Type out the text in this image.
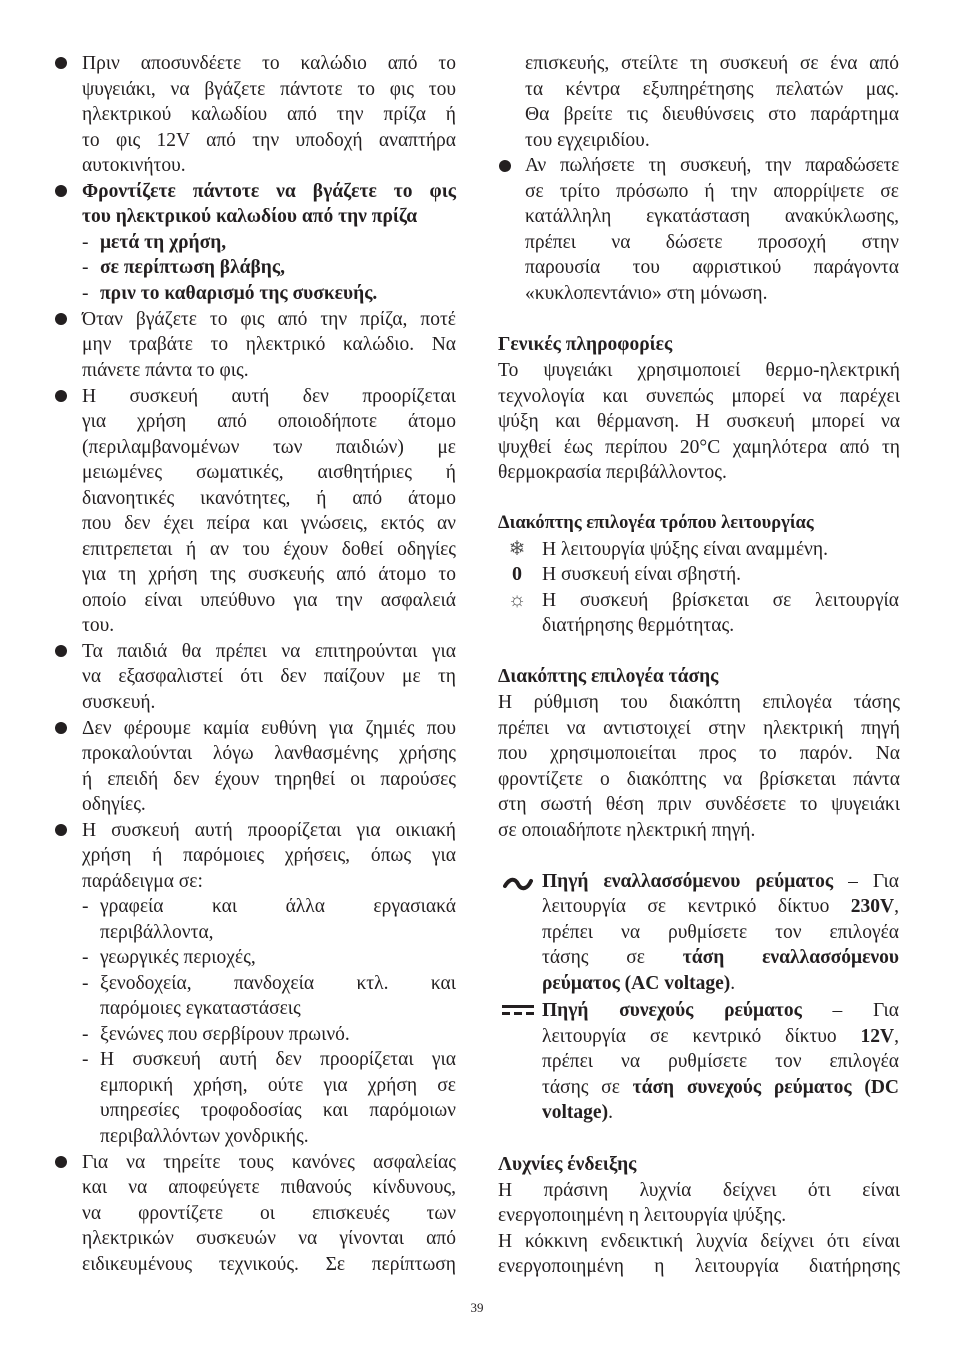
Πριν αποσυνδέετε το καλώδιο από το
ψυγειάκι, να βγάζετε πάντοτε το φις του
ηλεκτρικού καλωδίου από την πρίζα ή
το φις 12V από την υποδοχή αναπτήρα
αυτοκινήτου.
Φροντίζετε πάντοτε να βγάζετε το φις
του ηλεκτρικού καλωδίου από την πρίζα
- μετά τη χρήση,
- σε περίπτωση βλάβης,
- πριν το καθαρισμό της συσκευής.
Όταν βγάζετε το φις από την πρίζα, ποτέ
μην τραβάτε το ηλεκτρικό καλώδιο. Να
πιάνετε πάντα το φις.
Η συσκευή αυτή δεν προορίζεται
για χρήση από οποιοδήποτε άτομο
(περιλαμβανομένων των παιδιών) με
μειωμένες σωματικές, αισθητήριες ή
διανοητικές ικανότητες, ή από άτομο
που δεν έχει πείρα και γνώσεις, εκτός αν
επιτρεπεται ή αν του έχουν δοθεί οδηγίες
για τη χρήση της συσκευής από άτομο το
οποίο είναι υπεύθυνο για την ασφαλειά
του.
Τα παιδιά θα πρέπει να επιτηρούνται για
να εξασφαλιστεί ότι δεν παίζουν με τη
συσκευή.
Δεν φέρουμε καμία ευθύνη για ζημιές που
προκαλούνται λόγω λανθασμένης χρήσης
ή επειδή δεν έχουν τηρηθεί οι παρούσες
οδηγίες.
Η συσκευή αυτή προορίζεται για οικιακή
χρήση ή παρόμοιες χρήσεις, όπως για
παράδειγμα σε:
- γραφεία και άλλα εργασιακά
περιβάλλοντα,
- γεωργικές περιοχές,
- ξενοδοχεία, πανδοχεία κτλ. και
παρόμοιες εγκαταστάσεις
- ξενώνες που σερβίρουν πρωινό.
- Η συσκευή αυτή δεν προορίζεται για
εμπορική χρήση, ούτε για χρήση σε
υπηρεσίες τροφοδοσίας και παρόμοιων
περιβαλλόντων χονδρικής.
Για να τηρείτε τους κανόνες ασφαλείας
και να αποφεύγετε πιθανούς κίνδυνους,
να φροντίζετε οι επισκευές των
ηλεκτρικών συσκευών να γίνονται από
ειδικευμένους τεχνικούς. Σε περίπτωση
επισκευής, στείλτε τη συσκευή σε ένα από
τα κέντρα εξυπηρέτησης πελατών μας.
Θα βρείτε τις διευθύνσεις στο παράρτημα
του εγχειριδίου.
Αν πωλήσετε τη συσκευή, την παραδώσετε
σε τρίτο πρόσωπο ή την απορρίψετε σε
κατάλληλη εγκατάσταση ανακύκλωσης,
πρέπει να δώσετε προσοχή στην
παρουσία του αφριστικού παράγοντα
«κυκλοπεντάνιο» στη μόνωση.
Γενικές πληροφορίες
Το ψυγειάκι χρησιμοποιεί θερμο-ηλεκτρική
τεχνολογία και συνεπώς μπορεί να παρέχει
ψύξη και θέρμανση. Η συσκευή μπορεί να
ψυχθεί έως περίπου 20°C χαμηλότερα από τη
θερμοκρασία περιβάλλοντος.
Διακόπτης επιλογέα τρόπου λειτουργίας
❄ Η λειτουργία ψύξης είναι αναμμένη.
0	Η συσκευή είναι σβηστή.
☼ Η συσκευή βρίσκεται σε λειτουργία
διατήρησης θερμότητας.
Διακόπτης επιλογέα τάσης
Η ρύθμιση του διακόπτη επιλογέα τάσης
πρέπει να αντιστοιχεί στην ηλεκτρική πηγή
που χρησιμοποιείται προς το παρόν. Να
φροντίζετε ο διακόπτης να βρίσκεται πάντα
στη σωστή θέση πριν συνδέσετε το ψυγειάκι
σε οποιαδήποτε ηλεκτρική πηγή.
Πηγή εναλλασσόμενου ρεύματος – Για
λειτουργία σε κεντρικό δίκτυο 230V,
πρέπει να ρυθμίσετε τον επιλογέα
τάσης σε τάση εναλλασσόμενου
ρεύματος (AC voltage).
Πηγή συνεχούς ρεύματος – Για
λειτουργία σε κεντρικό δίκτυο 12V,
πρέπει να ρυθμίσετε τον επιλογέα
τάσης σε τάση συνεχούς ρεύματος (DC
voltage).
Λυχνίες ένδειξης
Η πράσινη λυχνία δείχνει ότι είναι
ενεργοποιημένη η λειτουργία ψύξης.
Η κόκκινη ενδεικτική λυχνία δείχνει ότι είναι
ενεργοποιημένη η λειτουργία διατήρησης
39
